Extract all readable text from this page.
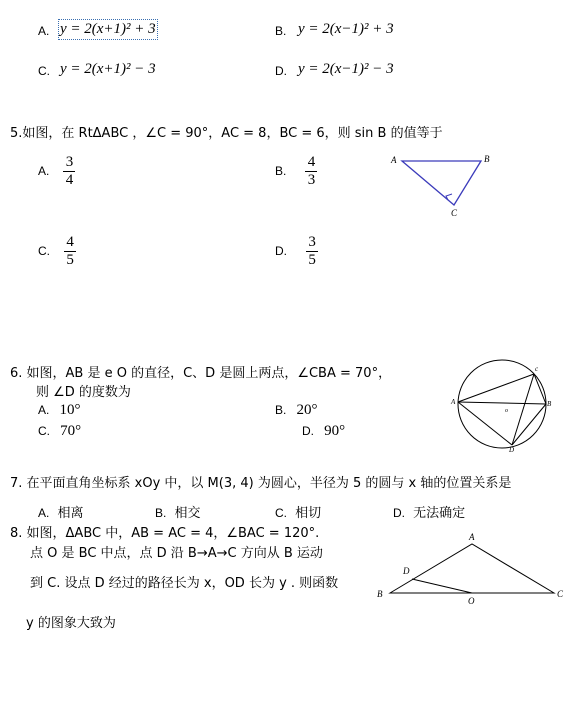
A. y = 2(x+1)² + 3	B. y = 2(x−1)² + 3
C. y = 2(x+1)² − 3	D. y = 2(x−1)² − 3
5.如图，在 RtΔABC ，∠C = 90°，AC = 8，BC = 6，则 sin B 的值等于
A. $\frac{3}{4}$	B. $\frac{4}{3}$
C. $\frac{4}{5}$	D. $\frac{3}{5}$
A	B
C
6. 如图，AB 是 e O 的直径，C、D 是圆上两点，∠CBA = 70°，
则 ∠D 的度数为
A. 10°	B. 20°
C. 70°	D. 90°
A	B
c
D
o
7. 在平面直角坐标系 xOy 中，以 M(3, 4) 为圆心，半径为 5 的圆与 x 轴的位置关系是
A. 相离	B. 相交	C. 相切	D. 无法确定
8. 如图，ΔABC 中，AB = AC = 4，∠BAC = 120°.
点 O 是 BC 中点，点 D 沿 B→A→C 方向从 B 运动
到 C. 设点 D 经过的路径长为 x，OD 长为 y . 则函数
y 的图象大致为
A
B	C
D
O
